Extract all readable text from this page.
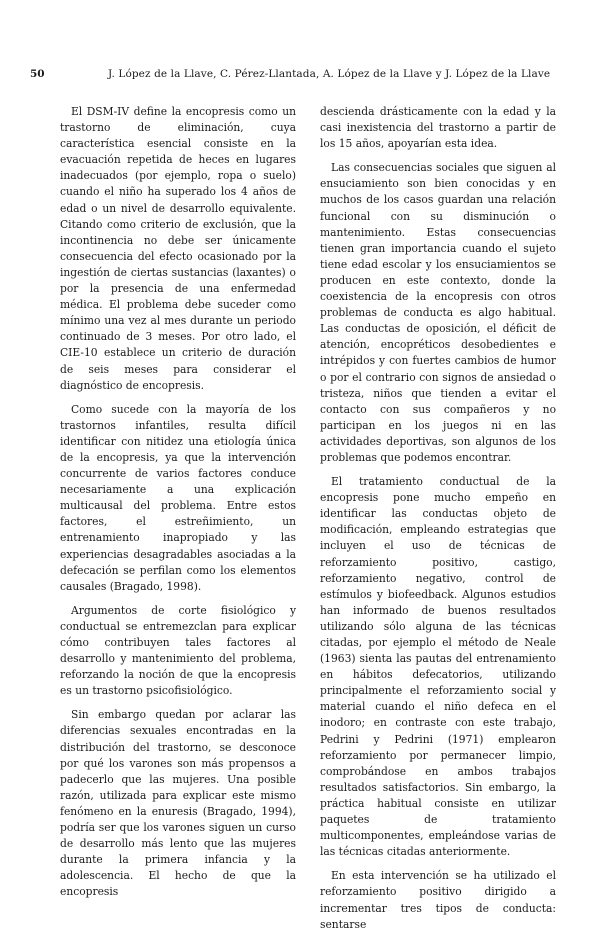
50	J. López de la Llave, C. Pérez-Llantada, A. López de la Llave y J. López de la Llave

El DSM-IV define la encopresis como un trastorno de eliminación, cuya característica esencial consiste en la evacuación repetida de heces en lugares inadecuados (por ejemplo, ropa o suelo) cuando el niño ha superado los 4 años de edad o un nivel de desarrollo equivalente. Citando como criterio de exclusión, que la incontinencia no debe ser únicamente consecuencia del efecto ocasionado por la ingestión de ciertas sustancias (laxantes) o por la presencia de una enfermedad médica. El problema debe suceder como mínimo una vez al mes durante un periodo continuado de 3 meses. Por otro lado, el CIE-10 establece un criterio de duración de seis meses para considerar el diagnóstico de encopresis.

Como sucede con la mayoría de los trastornos infantiles, resulta difícil identificar con nitidez una etiología única de la encopresis, ya que la intervención concurrente de varios factores conduce necesariamente a una explicación multicausal del problema. Entre estos factores, el estreñimiento, un entrenamiento inapropiado y las experiencias desagradables asociadas a la defecación se perfilan como los elementos causales (Bragado, 1998).

Argumentos de corte fisiológico y conductual se entremezclan para explicar cómo contribuyen tales factores al desarrollo y mantenimiento del problema, reforzando la noción de que la encopresis es un trastorno psicofisiológico.

Sin embargo quedan por aclarar las diferencias sexuales encontradas en la distribución del trastorno, se desconoce por qué los varones son más propensos a padecerlo que las mujeres. Una posible razón, utilizada para explicar este mismo fenómeno en la enuresis (Bragado, 1994), podría ser que los varones siguen un curso de desarrollo más lento que las mujeres durante la primera infancia y la adolescencia. El hecho de que la encopresis

descienda drásticamente con la edad y la casi inexistencia del trastorno a partir de los 15 años, apoyarían esta idea.

Las consecuencias sociales que siguen al ensuciamiento son bien conocidas y en muchos de los casos guardan una relación funcional con su disminución o mantenimiento. Estas consecuencias tienen gran importancia cuando el sujeto tiene edad escolar y los ensuciamientos se producen en este contexto, donde la coexistencia de la encopresis con otros problemas de conducta es algo habitual. Las conductas de oposición, el déficit de atención, encopréticos desobedientes e intrépidos y con fuertes cambios de humor o por el contrario con signos de ansiedad o tristeza, niños que tienden a evitar el contacto con sus compañeros y no participan en los juegos ni en las actividades deportivas, son algunos de los problemas que podemos encontrar.

El tratamiento conductual de la encopresis pone mucho empeño en identificar las conductas objeto de modificación, empleando estrategias que incluyen el uso de técnicas de reforzamiento positivo, castigo, reforzamiento negativo, control de estímulos y biofeedback. Algunos estudios han informado de buenos resultados utilizando sólo alguna de las técnicas citadas, por ejemplo el método de Neale (1963) sienta las pautas del entrenamiento en hábitos defecatorios, utilizando principalmente el reforzamiento social y material cuando el niño defeca en el inodoro; en contraste con este trabajo, Pedrini y Pedrini (1971) emplearon reforzamiento por permanecer limpio, comprobándose en ambos trabajos resultados satisfactorios. Sin embargo, la práctica habitual consiste en utilizar paquetes de tratamiento multicomponentes, empleándose varias de las técnicas citadas anteriormente.

En esta intervención se ha utilizado el reforzamiento positivo dirigido a incrementar tres tipos de conducta: sentarse
